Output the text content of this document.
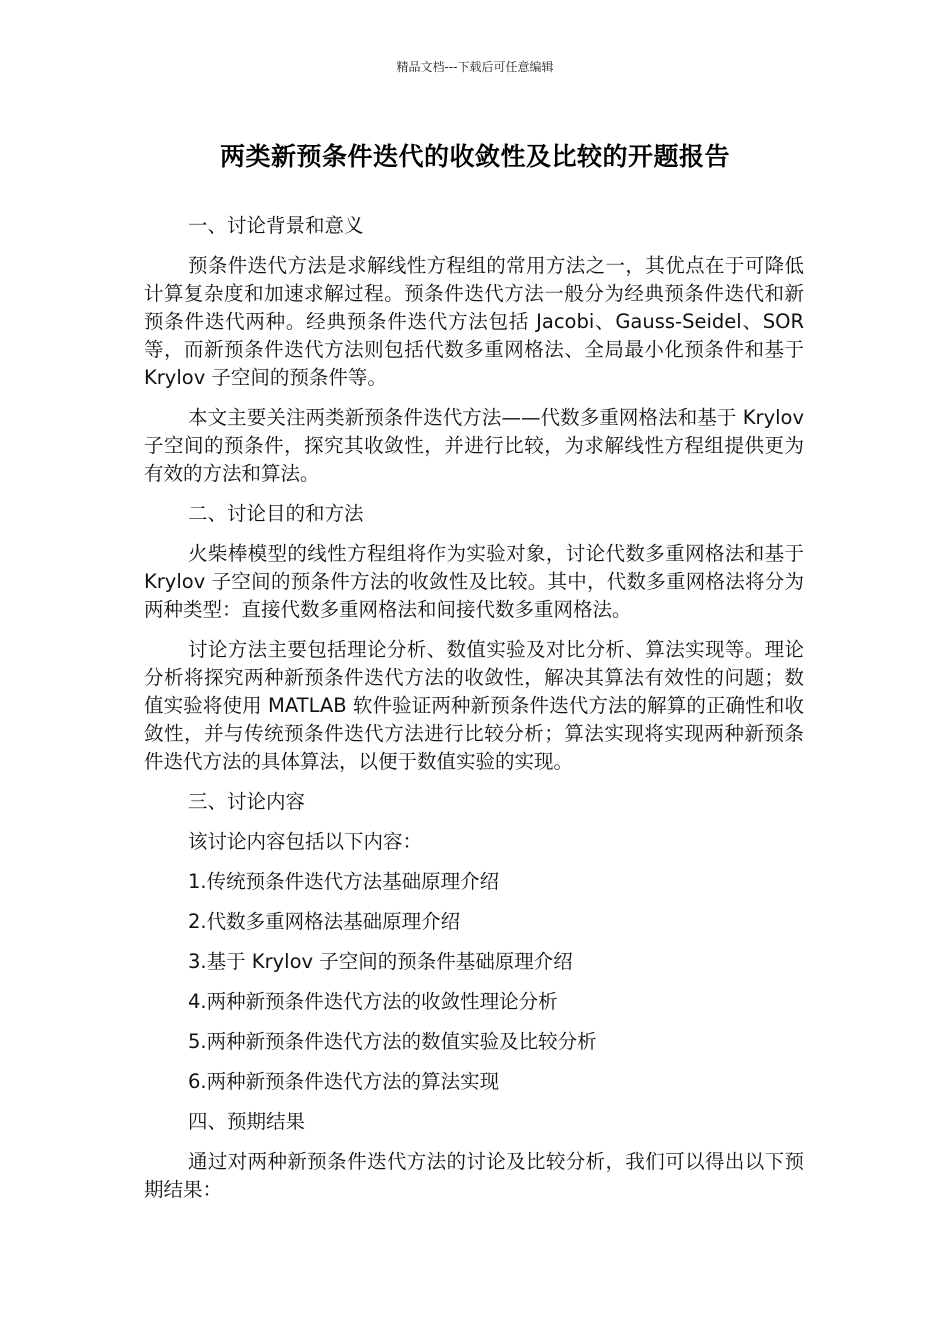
精品文档---下载后可任意编辑
两类新预条件迭代的收敛性及比较的开题报告

一、讨论背景和意义

预条件迭代方法是求解线性方程组的常用方法之一，其优点在于可降低计算复杂度和加速求解过程。预条件迭代方法一般分为经典预条件迭代和新预条件迭代两种。经典预条件迭代方法包括 Jacobi、Gauss-Seidel、SOR 等，而新预条件迭代方法则包括代数多重网格法、全局最小化预条件和基于 Krylov 子空间的预条件等。

本文主要关注两类新预条件迭代方法——代数多重网格法和基于 Krylov 子空间的预条件，探究其收敛性，并进行比较，为求解线性方程组提供更为有效的方法和算法。

二、讨论目的和方法

火柴棒模型的线性方程组将作为实验对象，讨论代数多重网格法和基于 Krylov 子空间的预条件方法的收敛性及比较。其中，代数多重网格法将分为两种类型：直接代数多重网格法和间接代数多重网格法。

讨论方法主要包括理论分析、数值实验及对比分析、算法实现等。理论分析将探究两种新预条件迭代方法的收敛性，解决其算法有效性的问题；数值实验将使用 MATLAB 软件验证两种新预条件迭代方法的解算的正确性和收敛性，并与传统预条件迭代方法进行比较分析；算法实现将实现两种新预条件迭代方法的具体算法，以便于数值实验的实现。

三、讨论内容

该讨论内容包括以下内容：

1.传统预条件迭代方法基础原理介绍

2.代数多重网格法基础原理介绍

3.基于 Krylov 子空间的预条件基础原理介绍

4.两种新预条件迭代方法的收敛性理论分析

5.两种新预条件迭代方法的数值实验及比较分析

6.两种新预条件迭代方法的算法实现

四、预期结果

通过对两种新预条件迭代方法的讨论及比较分析，我们可以得出以下预期结果：
